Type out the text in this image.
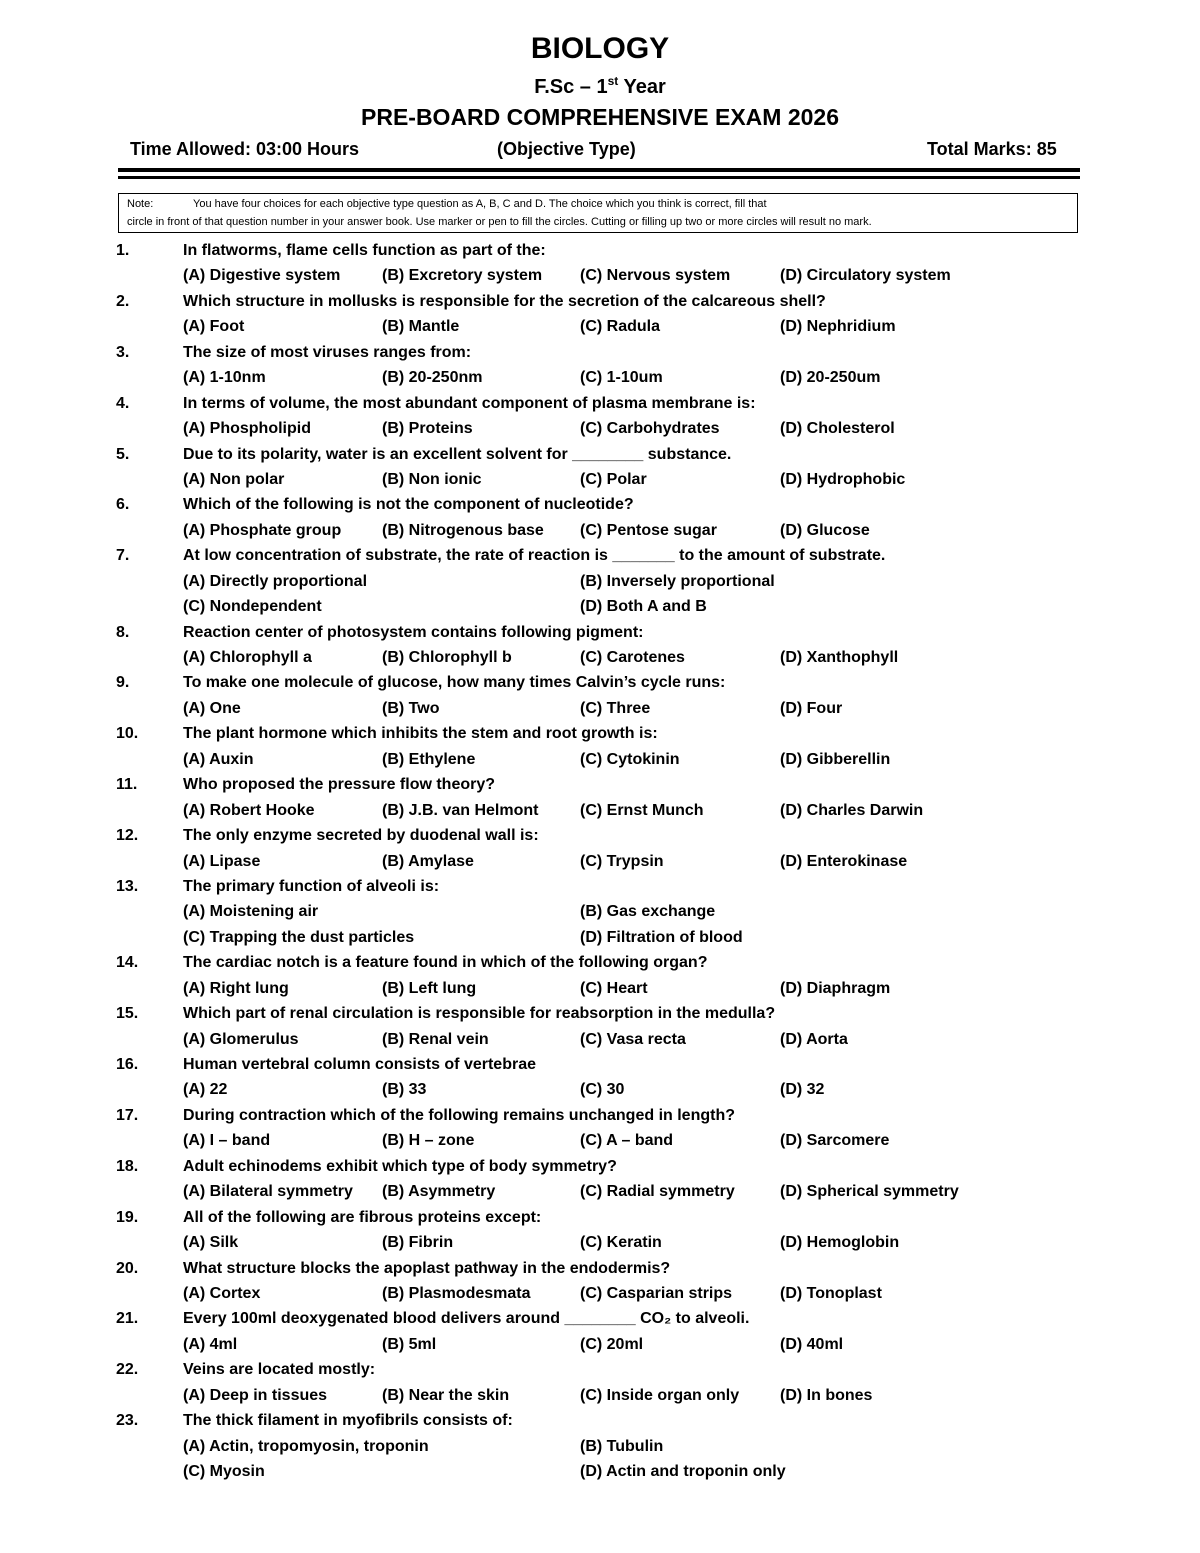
BIOLOGY
F.Sc – 1st Year
PRE-BOARD COMPREHENSIVE EXAM 2026
Time Allowed: 03:00 Hours	(Objective Type)	Total Marks: 85
Note:	You have four choices for each objective type question as A, B, C and D. The choice which you think is correct, fill that
circle in front of that question number in your answer book. Use marker or pen to fill the circles. Cutting or filling up two or more circles will result no mark.
1.	In flatworms, flame cells function as part of the:
(A) Digestive system	(B) Excretory system (C) Nervous system	(D) Circulatory system
2.	Which structure in mollusks is responsible for the secretion of the calcareous shell?
(A) Foot	(B) Mantle	(C) Radula	(D) Nephridium
3.	The size of most viruses ranges from:
(A) 1-10nm	(B) 20-250nm	(C) 1-10um	(D) 20-250um
4.	In terms of volume, the most abundant component of plasma membrane is:
(A) Phospholipid	(B) Proteins	(C) Carbohydrates	(D) Cholesterol
5.	Due to its polarity, water is an excellent solvent for ________ substance.
(A) Non polar	(B) Non ionic	(C) Polar	(D) Hydrophobic
6.	Which of the following is not the component of nucleotide?
(A) Phosphate group	(B) Nitrogenous base (C) Pentose sugar	(D) Glucose
7.	At low concentration of substrate, the rate of reaction is _______ to the amount of substrate.
(A) Directly proportional	(B) Inversely proportional
(C) Nondependent	(D) Both A and B
8.	Reaction center of photosystem contains following pigment:
(A) Chlorophyll a	(B) Chlorophyll b	(C) Carotenes	(D) Xanthophyll
9.	To make one molecule of glucose, how many times Calvin’s cycle runs:
(A) One	(B) Two	(C) Three	(D) Four
10.	The plant hormone which inhibits the stem and root growth is:
(A) Auxin	(B) Ethylene	(C) Cytokinin	(D) Gibberellin
11.	Who proposed the pressure flow theory?
(A) Robert Hooke	(B) J.B. van Helmont	(C) Ernst Munch	(D) Charles Darwin
12.	The only enzyme secreted by duodenal wall is:
(A) Lipase	(B) Amylase	(C) Trypsin	(D) Enterokinase
13.	The primary function of alveoli is:
(A) Moistening air	(B) Gas exchange
(C) Trapping the dust particles	(D) Filtration of blood
14.	The cardiac notch is a feature found in which of the following organ?
(A) Right lung	(B) Left lung	(C) Heart	(D) Diaphragm
15.	Which part of renal circulation is responsible for reabsorption in the medulla?
(A) Glomerulus	(B) Renal vein	(C) Vasa recta	(D) Aorta
16.	Human vertebral column consists of vertebrae
(A) 22	(B) 33	(C) 30	(D) 32
17.	During contraction which of the following remains unchanged in length?
(A) I – band	(B) H – zone	(C) A – band	(D) Sarcomere
18.	Adult echinodems exhibit which type of body symmetry?
(A) Bilateral symmetry (B) Asymmetry	(C) Radial symmetry	(D) Spherical symmetry
19.	All of the following are fibrous proteins except:
(A) Silk	(B) Fibrin	(C) Keratin	(D) Hemoglobin
20.	What structure blocks the apoplast pathway in the endodermis?
(A) Cortex	(B) Plasmodesmata	(C) Casparian strips	(D) Tonoplast
21.	Every 100ml deoxygenated blood delivers around ________ CO₂ to alveoli.
(A) 4ml	(B) 5ml	(C) 20ml	(D) 40ml
22.	Veins are located mostly:
(A) Deep in tissues	(B) Near the skin	(C) Inside organ only	(D) In bones
23.	The thick filament in myofibrils consists of:
(A) Actin, tropomyosin, troponin	(B) Tubulin
(C) Myosin	(D) Actin and troponin only
